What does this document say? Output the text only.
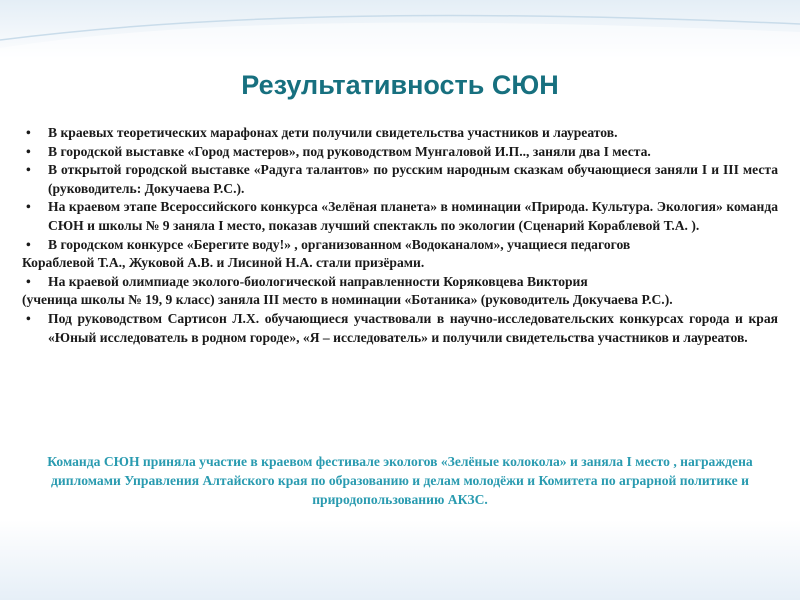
Результативность СЮН
•	В краевых теоретических марафонах дети получили свидетельства участников и лауреатов.
•	В городской выставке «Город мастеров», под руководством Мунгаловой И.П.., заняли два I места.
•	В открытой городской выставке «Радуга талантов» по русским народным сказкам обучающиеся заняли I и III места (руководитель: Докучаева Р.С.).
•	На краевом этапе Всероссийского конкурса «Зелёная планета» в номинации «Природа. Культура. Экология» команда СЮН и школы № 9 заняла I место, показав лучший спектакль по экологии (Сценарий Кораблевой Т.А. ).
•	В городском конкурсе «Берегите воду!» , организованном «Водоканалом», учащиеся педагогов
Кораблевой Т.А., Жуковой А.В. и Лисиной Н.А. стали призёрами.
•	На краевой олимпиаде эколого-биологической направленности Коряковцева Виктория
(ученица школы № 19, 9 класс) заняла III место в номинации «Ботаника» (руководитель Докучаева Р.С.).
•	Под руководством Сартисон Л.Х. обучающиеся участвовали в научно-исследовательских конкурсах города и края «Юный исследователь в родном городе», «Я – исследователь» и получили свидетельства участников и лауреатов.
Команда СЮН приняла участие в краевом фестивале экологов «Зелёные колокола» и заняла I место , награждена дипломами Управления Алтайского края по образованию и делам молодёжи и Комитета по аграрной политике и природопользованию АКЗС.
